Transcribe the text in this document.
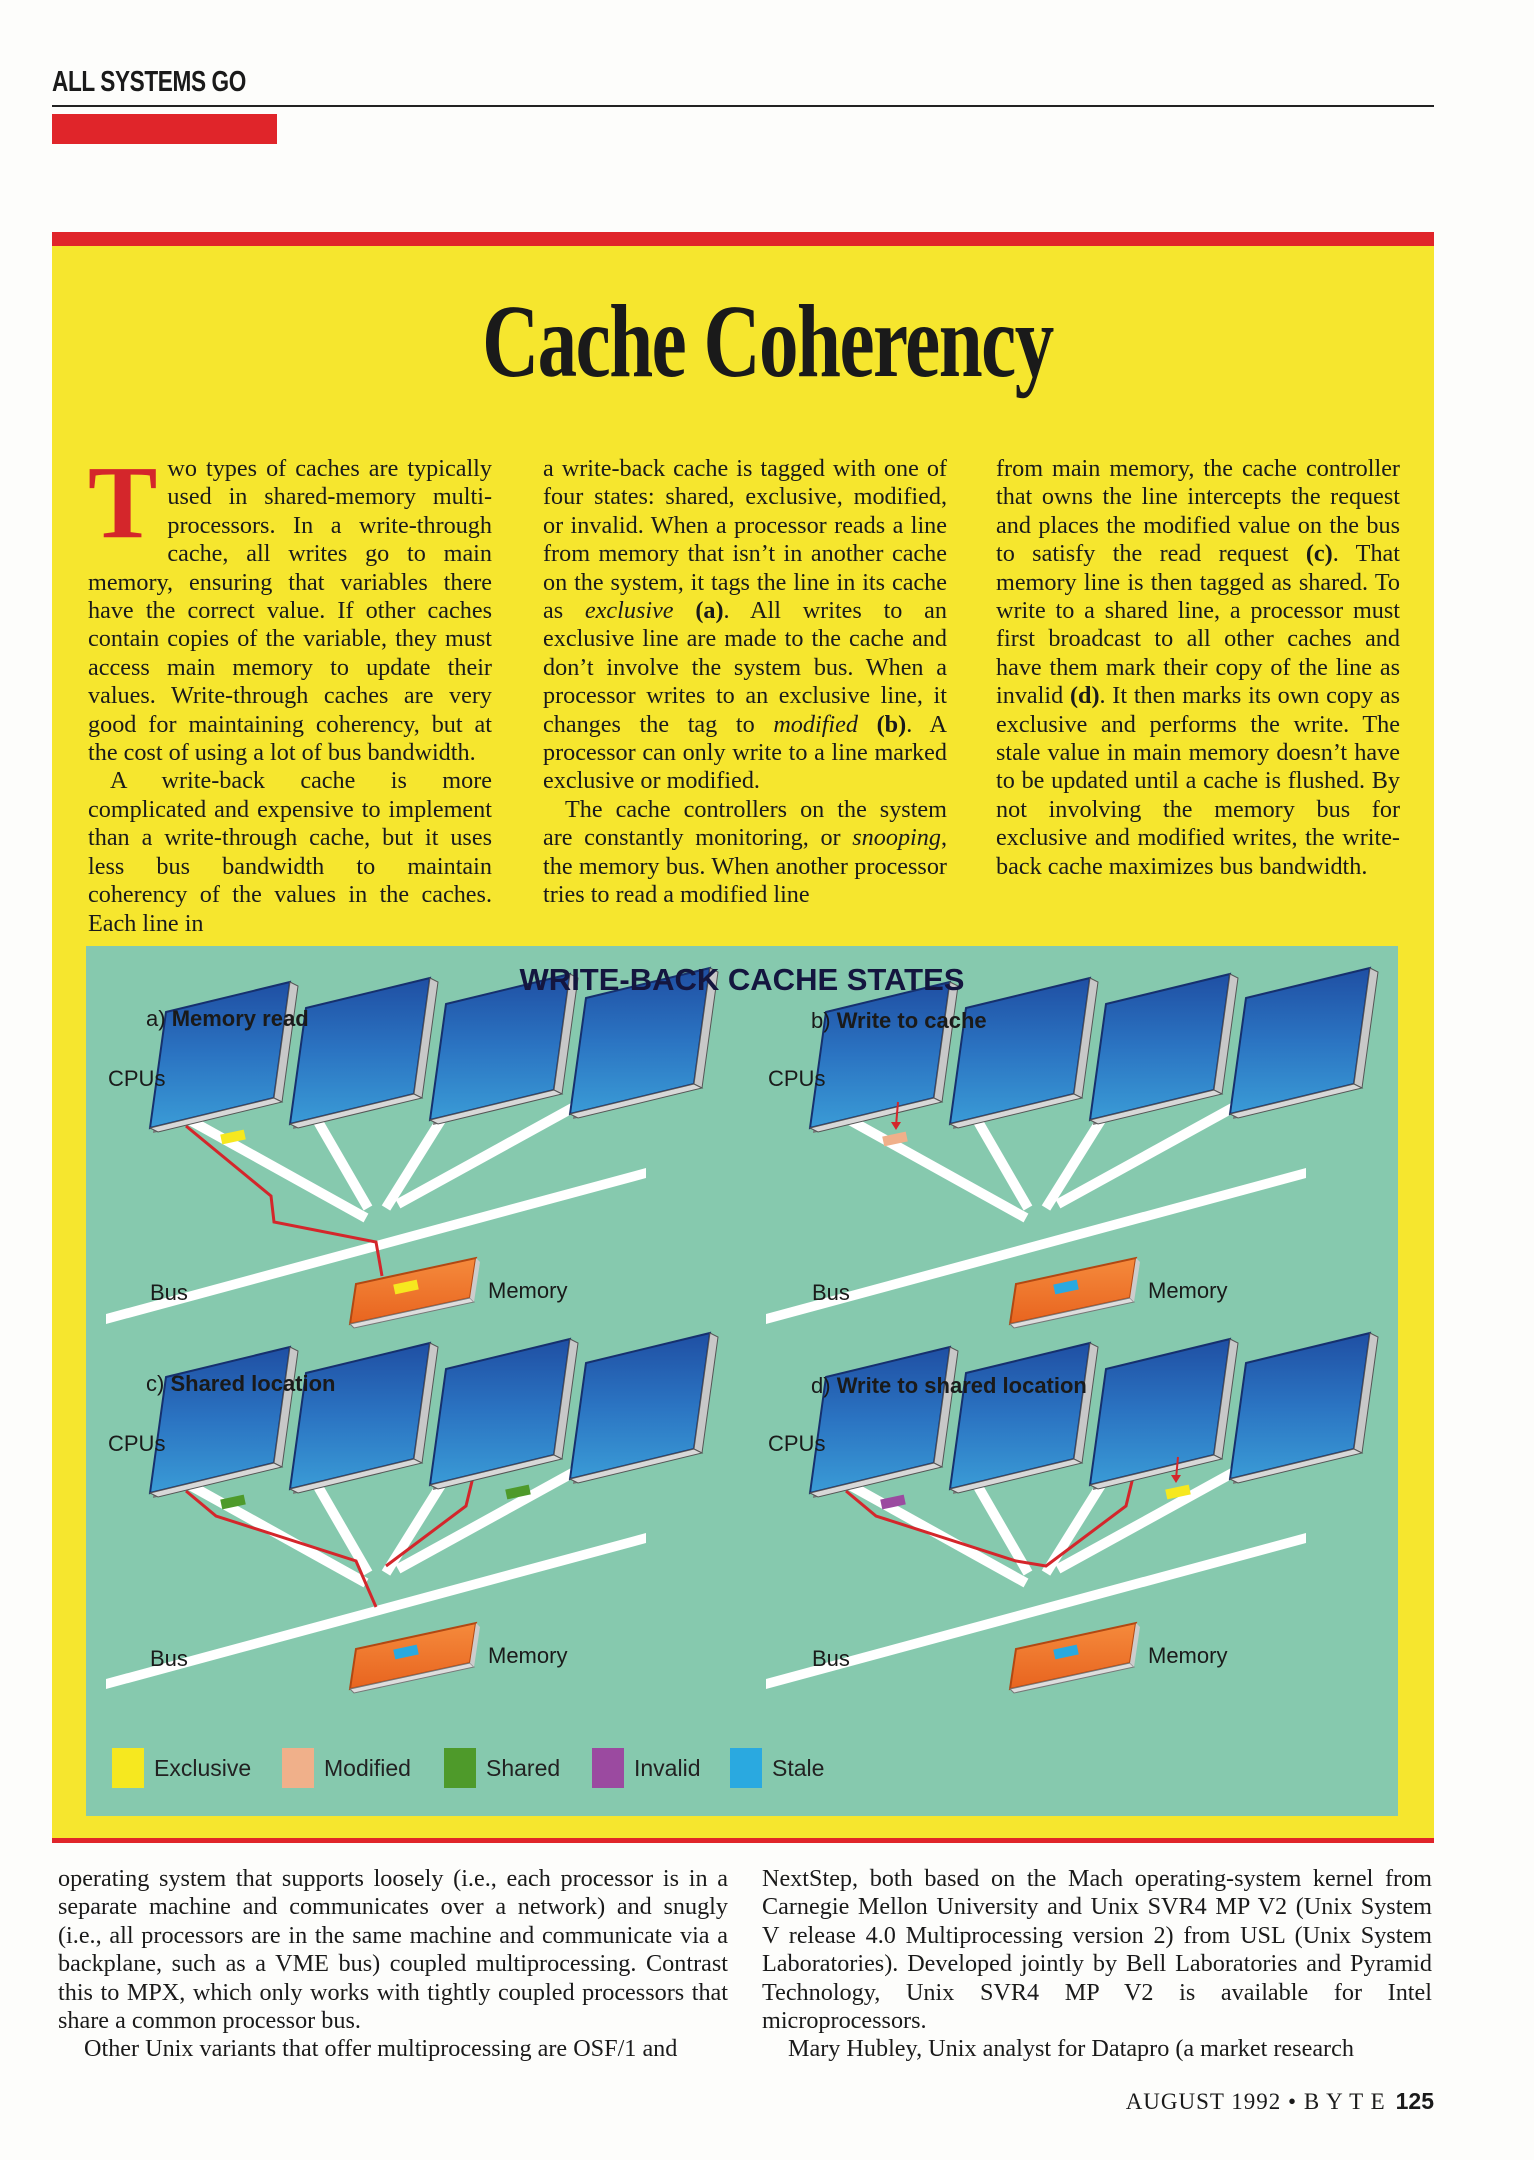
ALL SYSTEMS GO
Cache Coherency

Two types of caches are typically used in shared-memory multi-processors. In a write-through cache, all writes go to main memory, ensuring that variables there have the correct value. If other caches contain copies of the variable, they must access main memory to update their values. Write-through caches are very good for maintaining coherency, but at the cost of using a lot of bus bandwidth.

A write-back cache is more complicated and expensive to implement than a write-through cache, but it uses less bus bandwidth to maintain coherency of the values in the caches. Each line in

a write-back cache is tagged with one of four states: shared, exclusive, modified, or invalid. When a processor reads a line from memory that isn’t in another cache on the system, it tags the line in its cache as exclusive (a). All writes to an exclusive line are made to the cache and don’t involve the system bus. When a processor writes to an exclusive line, it changes the tag to modified (b). A processor can only write to a line marked exclusive or modified.

The cache controllers on the system are constantly monitoring, or snooping, the memory bus. When another processor tries to read a modified line

from main memory, the cache controller that owns the line intercepts the request and places the modified value on the bus to satisfy the read request (c). That memory line is then tagged as shared. To write to a shared line, a processor must first broadcast to all other caches and have them mark their copy of the line as invalid (d). It then marks its own copy as exclusive and performs the write. The stale value in main memory doesn’t have to be updated until a cache is flushed. By not involving the memory bus for exclusive and modified writes, the write-back cache maximizes bus bandwidth.

a) Memory read	b) Write to cache
c) Shared location	d) Write to shared location
CPUs	CPUs
CPUs	CPUs
Bus	Bus
Bus	Bus
Memory	Memory
Memory	Memory
WRITE-BACK CACHE STATES
Exclusive	Modified	Shared	Invalid	Stale

operating system that supports loosely (i.e., each processor is in a separate machine and communicates over a network) and snugly (i.e., all processors are in the same machine and communicate via a backplane, such as a VME bus) coupled multiprocessing. Contrast this to MPX, which only works with tightly coupled processors that share a common processor bus.

Other Unix variants that offer multiprocessing are OSF/1 and

NextStep, both based on the Mach operating-system kernel from Carnegie Mellon University and Unix SVR4 MP V2 (Unix System V release 4.0 Multiprocessing version 2) from USL (Unix System Laboratories). Developed jointly by Bell Laboratories and Pyramid Technology, Unix SVR4 MP V2 is available for Intel microprocessors.

Mary Hubley, Unix analyst for Datapro (a market research

AUGUST 1992 • B Y T E 125
